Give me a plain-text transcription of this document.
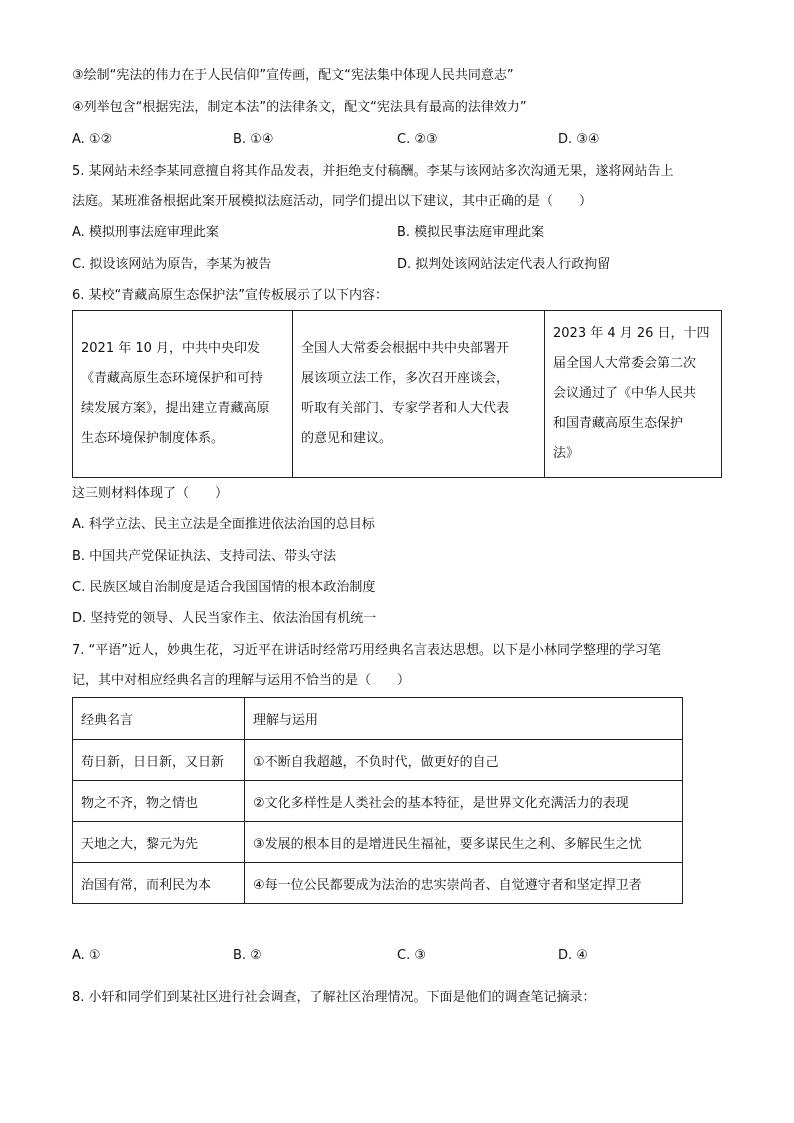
③绘制“宪法的伟力在于人民信仰”宣传画，配文“宪法集中体现人民共同意志”
④列举包含“根据宪法，制定本法”的法律条文，配文“宪法具有最高的法律效力”
A. ①②	B. ①④	C. ②③	D. ③④
5. 某网站未经李某同意擅自将其作品发表，并拒绝支付稿酬。李某与该网站多次沟通无果，遂将网站告上
法庭。某班准备根据此案开展模拟法庭活动，同学们提出以下建议，其中正确的是（　　）
A. 模拟刑事法庭审理此案	B. 模拟民事法庭审理此案
C. 拟设该网站为原告，李某为被告	D. 拟判处该网站法定代表人行政拘留
6. 某校“青藏高原生态保护法”宣传板展示了以下内容：
2021 年 10 月，中共中央印发
《青藏高原生态环境保护和可持
续发展方案》，提出建立青藏高原
生态环境保护制度体系。

全国人大常委会根据中共中央部署开
展该项立法工作，多次召开座谈会，
听取有关部门、专家学者和人大代表
的意见和建议。

2023 年 4 月 26 日，十四
届全国人大常委会第二次
会议通过了《中华人民共
和国青藏高原生态保护
法》
这三则材料体现了（　　）
A. 科学立法、民主立法是全面推进依法治国的总目标
B. 中国共产党保证执法、支持司法、带头守法
C. 民族区域自治制度是适合我国国情的根本政治制度
D. 坚持党的领导、人民当家作主、依法治国有机统一
7. “平语”近人，妙典生花，习近平在讲话时经常巧用经典名言表达思想。以下是小林同学整理的学习笔
记，其中对相应经典名言的理解与运用不恰当的是（　　）
经典名言	理解与运用
苟日新，日日新，又日新	①不断自我超越，不负时代，做更好的自己
物之不齐，物之情也	②文化多样性是人类社会的基本特征，是世界文化充满活力的表现
天地之大，黎元为先	③发展的根本目的是增进民生福祉，要多谋民生之利、多解民生之忧
治国有常，而利民为本	④每一位公民都要成为法治的忠实崇尚者、自觉遵守者和坚定捍卫者
A. ①	B. ②	C. ③	D. ④
8. 小轩和同学们到某社区进行社会调查，了解社区治理情况。下面是他们的调查笔记摘录：
